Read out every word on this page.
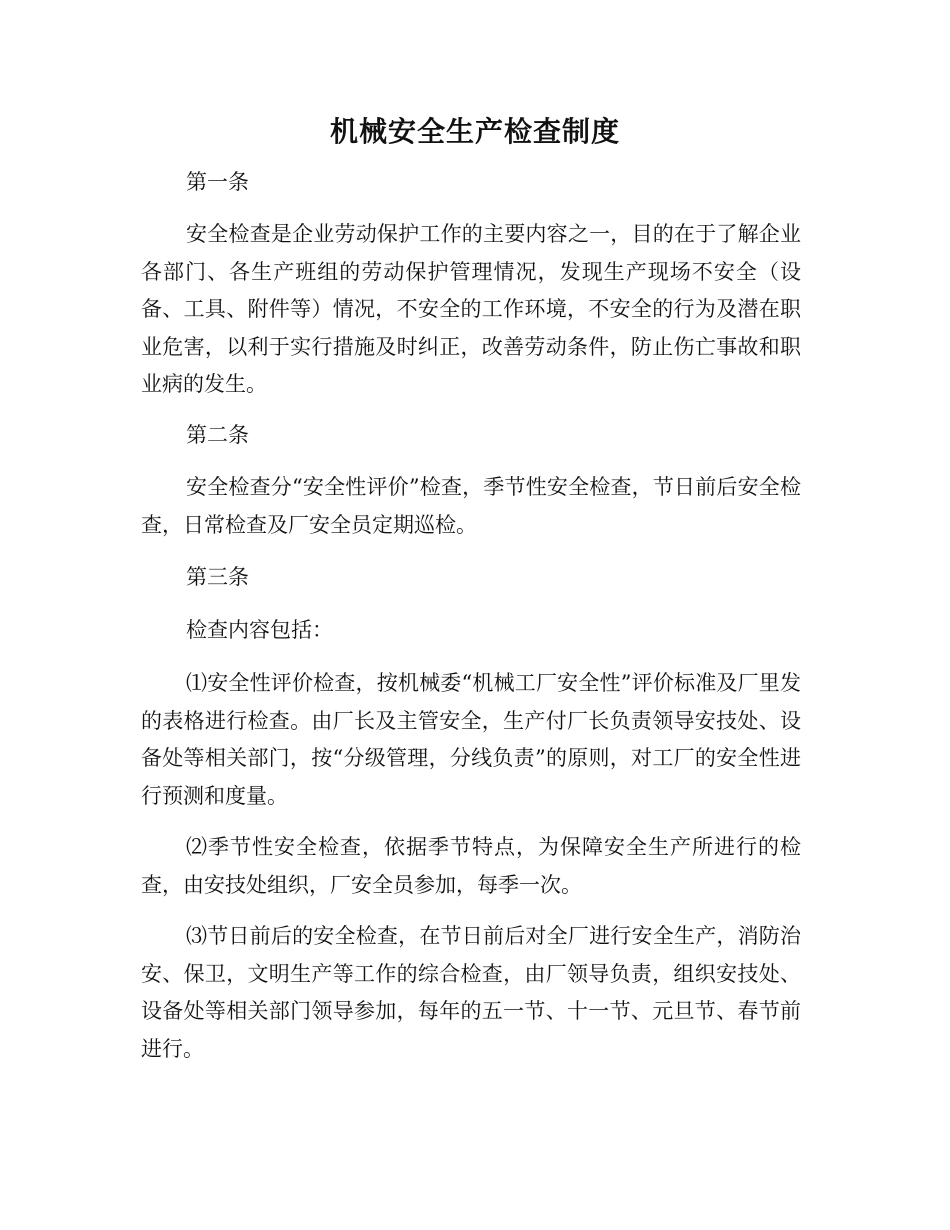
机械安全生产检查制度

第一条

安全检查是企业劳动保护工作的主要内容之一，目的在于了解企业各部门、各生产班组的劳动保护管理情况，发现生产现场不安全（设备、工具、附件等）情况，不安全的工作环境，不安全的行为及潜在职业危害，以利于实行措施及时纠正，改善劳动条件，防止伤亡事故和职业病的发生。

第二条

安全检查分“安全性评价”检查，季节性安全检查，节日前后安全检查，日常检查及厂安全员定期巡检。

第三条

检查内容包括：

⑴安全性评价检查，按机械委“机械工厂安全性”评价标准及厂里发的表格进行检查。由厂长及主管安全，生产付厂长负责领导安技处、设备处等相关部门，按“分级管理，分线负责”的原则，对工厂的安全性进行预测和度量。

⑵季节性安全检查，依据季节特点，为保障安全生产所进行的检查，由安技处组织，厂安全员参加，每季一次。

⑶节日前后的安全检查，在节日前后对全厂进行安全生产，消防治安、保卫，文明生产等工作的综合检查，由厂领导负责，组织安技处、设备处等相关部门领导参加，每年的五一节、十一节、元旦节、春节前进行。
